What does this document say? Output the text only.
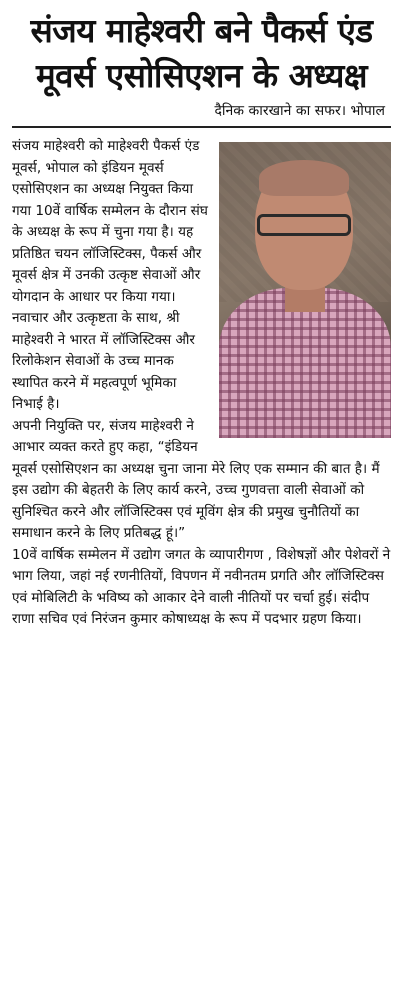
संजय माहेश्वरी बने पैकर्स एंड मूवर्स एसोसिएशन के अध्यक्ष
दैनिक कारखाने का सफर। भोपाल

संजय माहेश्वरी को माहेश्वरी पैकर्स एंड मूवर्स, भोपाल को इंडियन मूवर्स एसोसिएशन का अध्यक्ष नियुक्त किया गया 10वें वार्षिक सम्मेलन के दौरान संघ के अध्यक्ष के रूप में चुना गया है। यह प्रतिष्ठित चयन लॉजिस्टिक्स, पैकर्स और मूवर्स क्षेत्र में उनकी उत्कृष्ट सेवाओं और योगदान के आधार पर किया गया। नवाचार और उत्कृष्टता के साथ, श्री माहेश्वरी ने भारत में लॉजिस्टिक्स और रिलोकेशन सेवाओं के उच्च मानक स्थापित करने में महत्वपूर्ण भूमिका निभाई है।

अपनी नियुक्ति पर, संजय माहेश्वरी ने आभार व्यक्त करते हुए कहा, “इंडियन मूवर्स एसोसिएशन का अध्यक्ष चुना जाना मेरे लिए एक सम्मान की बात है। मैं इस उद्योग की बेहतरी के लिए कार्य करने, उच्च गुणवत्ता वाली सेवाओं को सुनिश्चित करने और लॉजिस्टिक्स एवं मूविंग क्षेत्र की प्रमुख चुनौतियों का समाधान करने के लिए प्रतिबद्ध हूं।”

10वें वार्षिक सम्मेलन में उद्योग जगत के व्यापारीगण , विशेषज्ञों और पेशेवरों ने भाग लिया, जहां नई रणनीतियों, विपणन में नवीनतम प्रगति और लॉजिस्टिक्स एवं मोबिलिटी के भविष्य को आकार देने वाली नीतियों पर चर्चा हुई। संदीप राणा सचिव एवं निरंजन कुमार कोषाध्यक्ष के रूप में पदभार ग्रहण किया।
